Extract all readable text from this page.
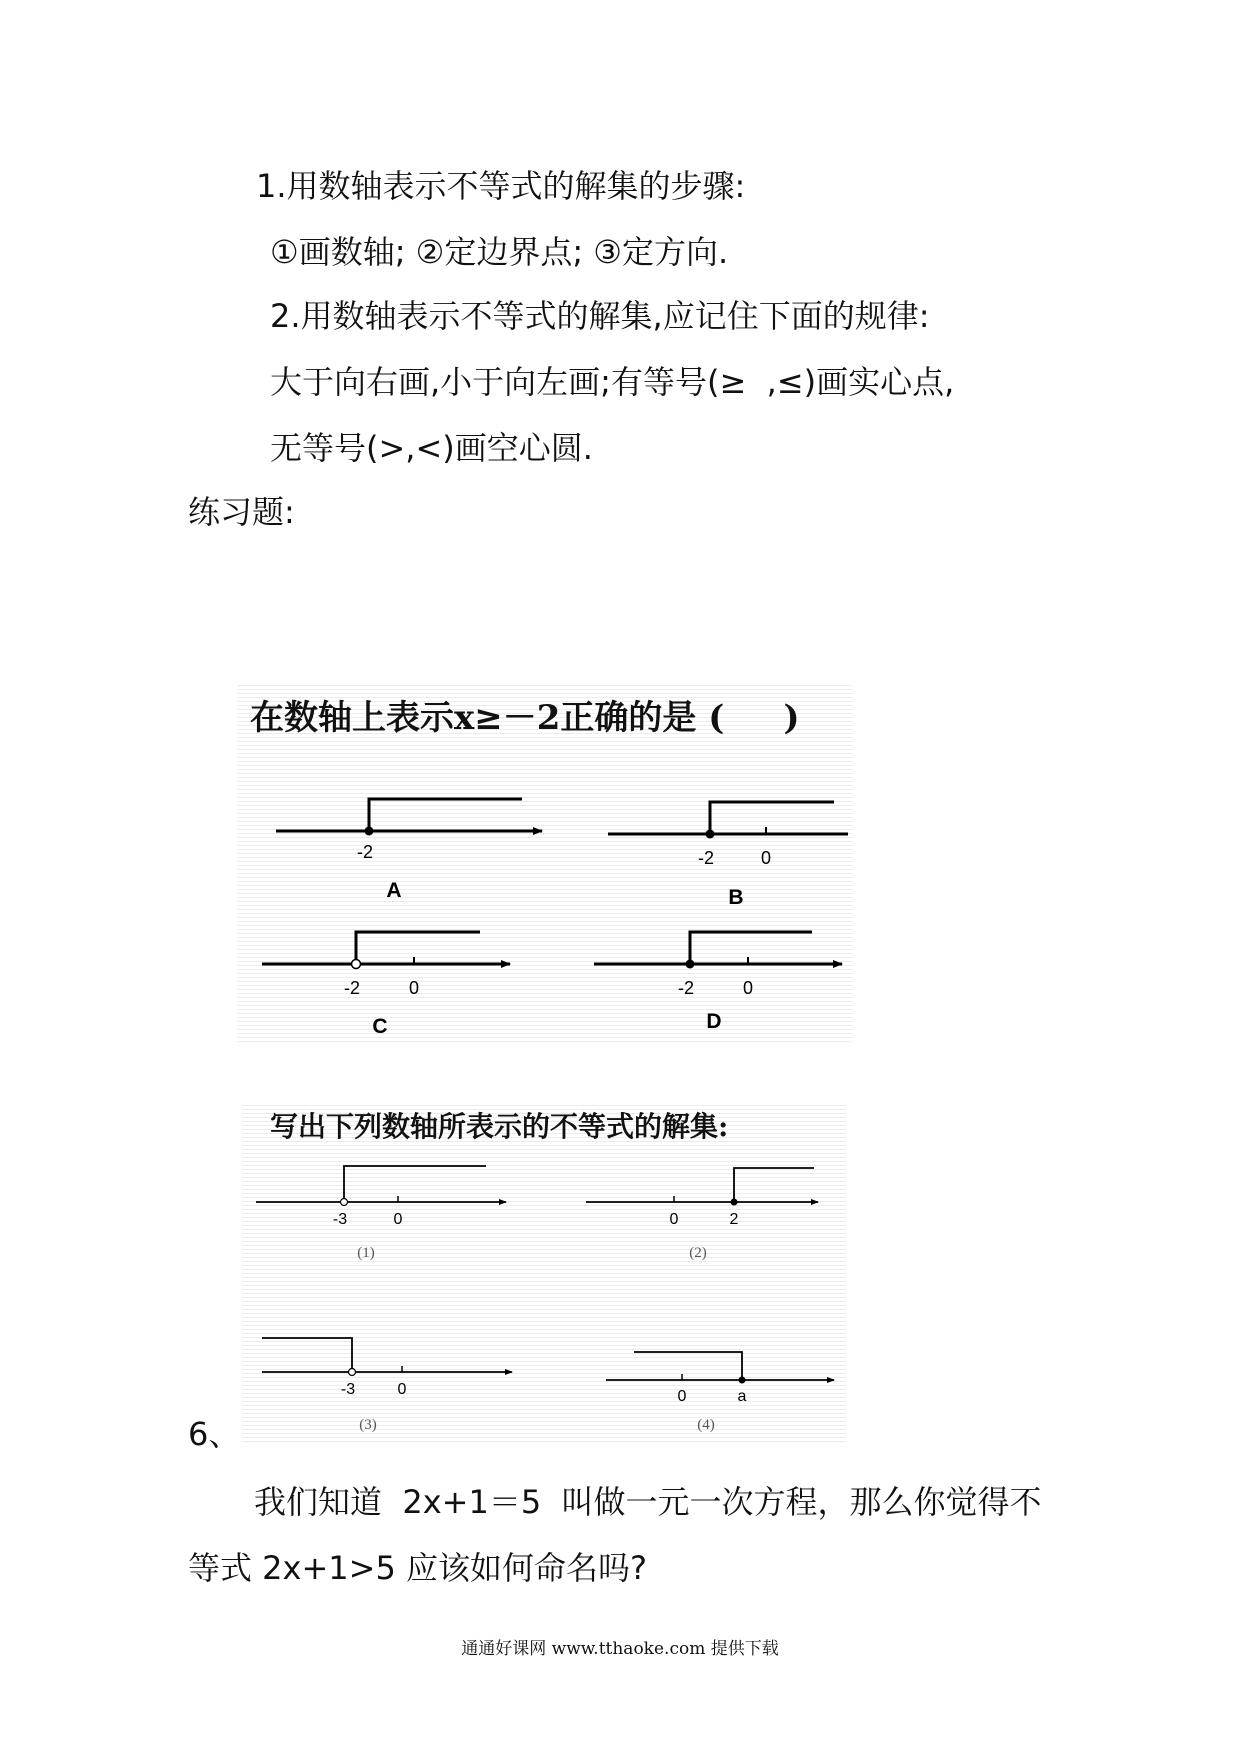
1.用数轴表示不等式的解集的步骤:
①画数轴; ②定边界点; ③定方向.
2.用数轴表示不等式的解集,应记住下面的规律:
大于向右画,小于向左画;有等号(≥  ,≤)画实心点,
无等号(>,<)画空心圆.
练习题:
在数轴上表示x≥－2正确的是 (     )
-2
A
-2	0
B
-2	0
C
-2	0
D
写出下列数轴所表示的不等式的解集:
-3	0
(1)
0	2
(2)
-3	0
(3)
0	a
(4)
6、
我们知道  2x+1＝5  叫做一元一次方程，那么你觉得不
等式 2x+1>5 应该如何命名吗?
通通好课网 www.tthaoke.com 提供下载
